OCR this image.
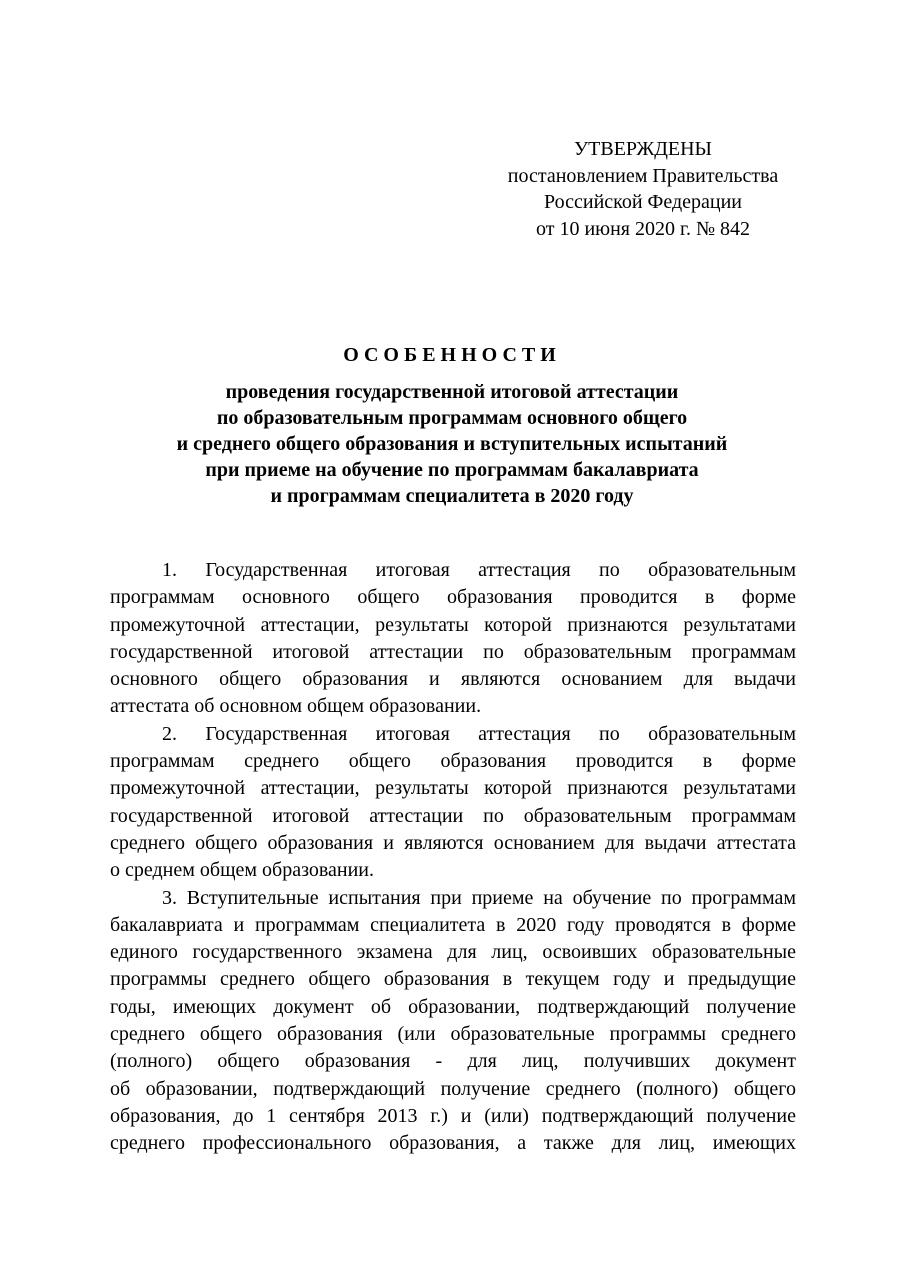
УТВЕРЖДЕНЫ
постановлением Правительства
Российской Федерации
от 10 июня 2020 г. № 842
ОСОБЕННОСТИ
проведения государственной итоговой аттестации
по образовательным программам основного общего
и среднего общего образования и вступительных испытаний
при приеме на обучение по программам бакалавриата
и программам специалитета в 2020 году
1. Государственная итоговая аттестация по образовательным
программам основного общего образования проводится в форме
промежуточной аттестации, результаты которой признаются результатами
государственной итоговой аттестации по образовательным программам
основного общего образования и являются основанием для выдачи
аттестата об основном общем образовании.
2. Государственная итоговая аттестация по образовательным
программам среднего общего образования проводится в форме
промежуточной аттестации, результаты которой признаются результатами
государственной итоговой аттестации по образовательным программам
среднего общего образования и являются основанием для выдачи аттестата
о среднем общем образовании.
3. Вступительные испытания при приеме на обучение по программам
бакалавриата и программам специалитета в 2020 году проводятся в форме
единого государственного экзамена для лиц, освоивших образовательные
программы среднего общего образования в текущем году и предыдущие
годы, имеющих документ об образовании, подтверждающий получение
среднего общего образования (или образовательные программы среднего
(полного) общего образования - для лиц, получивших документ
об образовании, подтверждающий получение среднего (полного) общего
образования, до 1 сентября 2013 г.) и (или) подтверждающий получение
среднего профессионального образования, а также для лиц, имеющих
